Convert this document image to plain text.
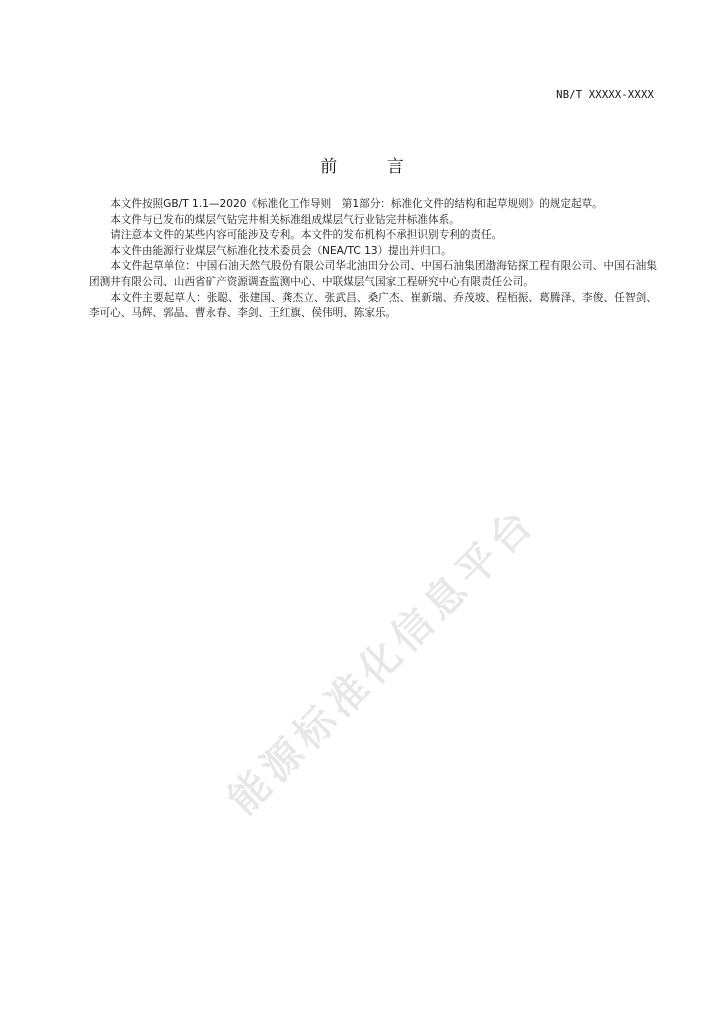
NB/T XXXXX-XXXX
前 言

本文件按照GB/T 1.1—2020《标准化工作导则　第1部分：标准化文件的结构和起草规则》的规定起草。

本文件与已发布的煤层气钻完井相关标准组成煤层气行业钻完井标准体系。

请注意本文件的某些内容可能涉及专利。本文件的发布机构不承担识别专利的责任。

本文件由能源行业煤层气标准化技术委员会（NEA/TC 13）提出并归口。

本文件起草单位：中国石油天然气股份有限公司华北油田分公司、中国石油集团渤海钻探工程有限公司、中国石油集团测井有限公司、山西省矿产资源调查监测中心、中联煤层气国家工程研究中心有限责任公司。

本文件主要起草人：张聪、张建国、龚杰立、张武昌、桑广杰、崔新瑞、乔茂坡、程栢振、葛腾泽、李俊、任智剑、李可心、马辉、郭晶、曹永春、李剑、王红旗、侯伟明、陈家乐。

能源标准化信息平台
